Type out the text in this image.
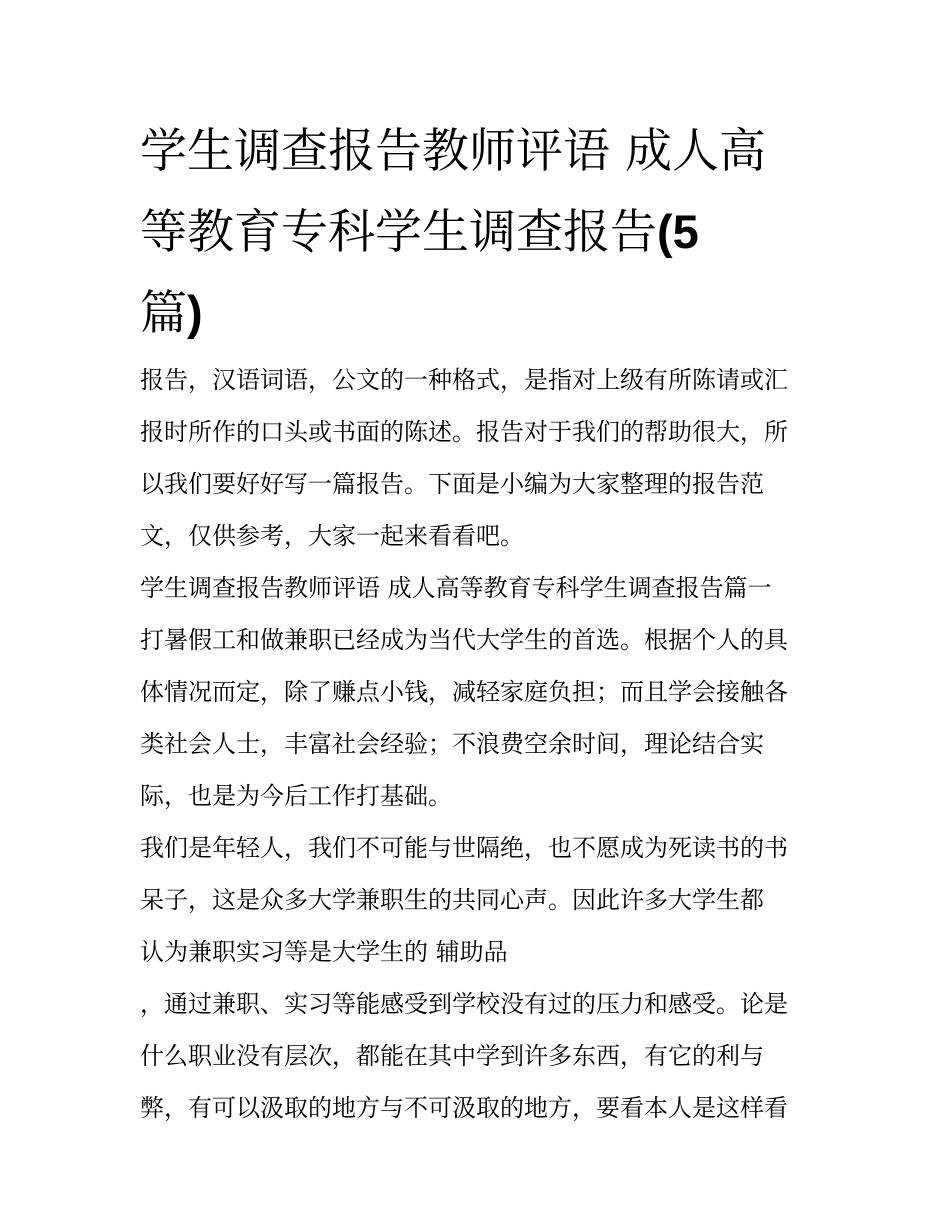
学生调查报告教师评语 成人高
等教育专科学生调查报告(5
篇)

报告，汉语词语，公文的一种格式，是指对上级有所陈请或汇

报时所作的口头或书面的陈述。报告对于我们的帮助很大，所

以我们要好好写一篇报告。下面是小编为大家整理的报告范

文，仅供参考，大家一起来看看吧。

学生调查报告教师评语 成人高等教育专科学生调查报告篇一

打暑假工和做兼职已经成为当代大学生的首选。根据个人的具

体情况而定，除了赚点小钱，减轻家庭负担；而且学会接触各

类社会人士，丰富社会经验；不浪费空余时间，理论结合实

际，也是为今后工作打基础。

我们是年轻人，我们不可能与世隔绝，也不愿成为死读书的书

呆子，这是众多大学兼职生的共同心声。因此许多大学生都

认为兼职实习等是大学生的 辅助品

，通过兼职、实习等能感受到学校没有过的压力和感受。论是

什么职业没有层次，都能在其中学到许多东西，有它的利与

弊，有可以汲取的地方与不可汲取的地方，要看本人是这样看
